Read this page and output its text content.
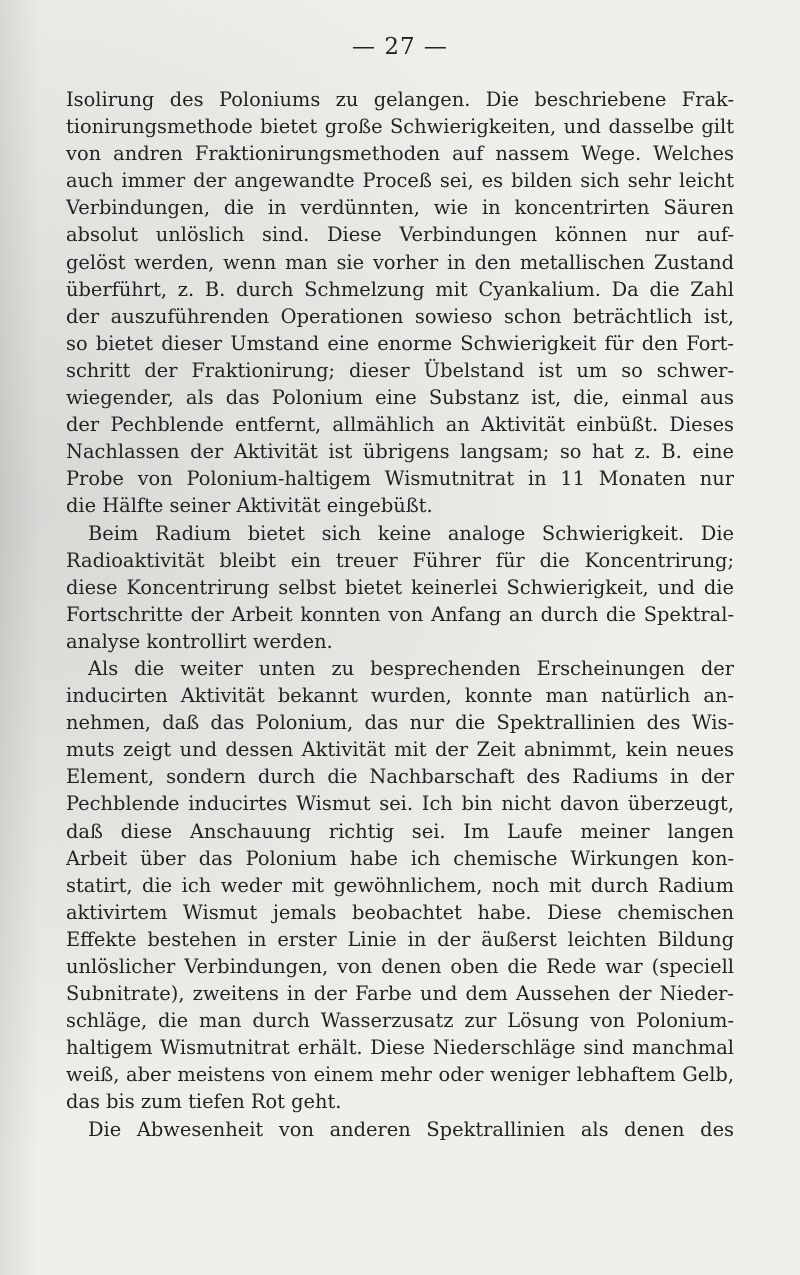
— 27 —
Isolirung des Poloniums zu gelangen. Die beschriebene Frak-
tionirungsmethode bietet große Schwierigkeiten, und dasselbe gilt
von andren Fraktionirungsmethoden auf nassem Wege. Welches
auch immer der angewandte Proceß sei, es bilden sich sehr leicht
Verbindungen, die in verdünnten, wie in koncentrirten Säuren
absolut unlöslich sind. Diese Verbindungen können nur auf-
gelöst werden, wenn man sie vorher in den metallischen Zustand
überführt, z. B. durch Schmelzung mit Cyankalium. Da die Zahl
der auszuführenden Operationen sowieso schon beträchtlich ist,
so bietet dieser Umstand eine enorme Schwierigkeit für den Fort-
schritt der Fraktionirung; dieser Übelstand ist um so schwer-
wiegender, als das Polonium eine Substanz ist, die, einmal aus
der Pechblende entfernt, allmählich an Aktivität einbüßt. Dieses
Nachlassen der Aktivität ist übrigens langsam; so hat z. B. eine
Probe von Polonium-haltigem Wismutnitrat in 11 Monaten nur
die Hälfte seiner Aktivität eingebüßt.
Beim Radium bietet sich keine analoge Schwierigkeit. Die
Radioaktivität bleibt ein treuer Führer für die Koncentrirung;
diese Koncentrirung selbst bietet keinerlei Schwierigkeit, und die
Fortschritte der Arbeit konnten von Anfang an durch die Spektral-
analyse kontrollirt werden.
Als die weiter unten zu besprechenden Erscheinungen der
inducirten Aktivität bekannt wurden, konnte man natürlich an-
nehmen, daß das Polonium, das nur die Spektrallinien des Wis-
muts zeigt und dessen Aktivität mit der Zeit abnimmt, kein neues
Element, sondern durch die Nachbarschaft des Radiums in der
Pechblende inducirtes Wismut sei. Ich bin nicht davon überzeugt,
daß diese Anschauung richtig sei. Im Laufe meiner langen
Arbeit über das Polonium habe ich chemische Wirkungen kon-
statirt, die ich weder mit gewöhnlichem, noch mit durch Radium
aktivirtem Wismut jemals beobachtet habe. Diese chemischen
Effekte bestehen in erster Linie in der äußerst leichten Bildung
unlöslicher Verbindungen, von denen oben die Rede war (speciell
Subnitrate), zweitens in der Farbe und dem Aussehen der Nieder-
schläge, die man durch Wasserzusatz zur Lösung von Polonium-
haltigem Wismutnitrat erhält. Diese Niederschläge sind manchmal
weiß, aber meistens von einem mehr oder weniger lebhaftem Gelb,
das bis zum tiefen Rot geht.
Die Abwesenheit von anderen Spektrallinien als denen des
